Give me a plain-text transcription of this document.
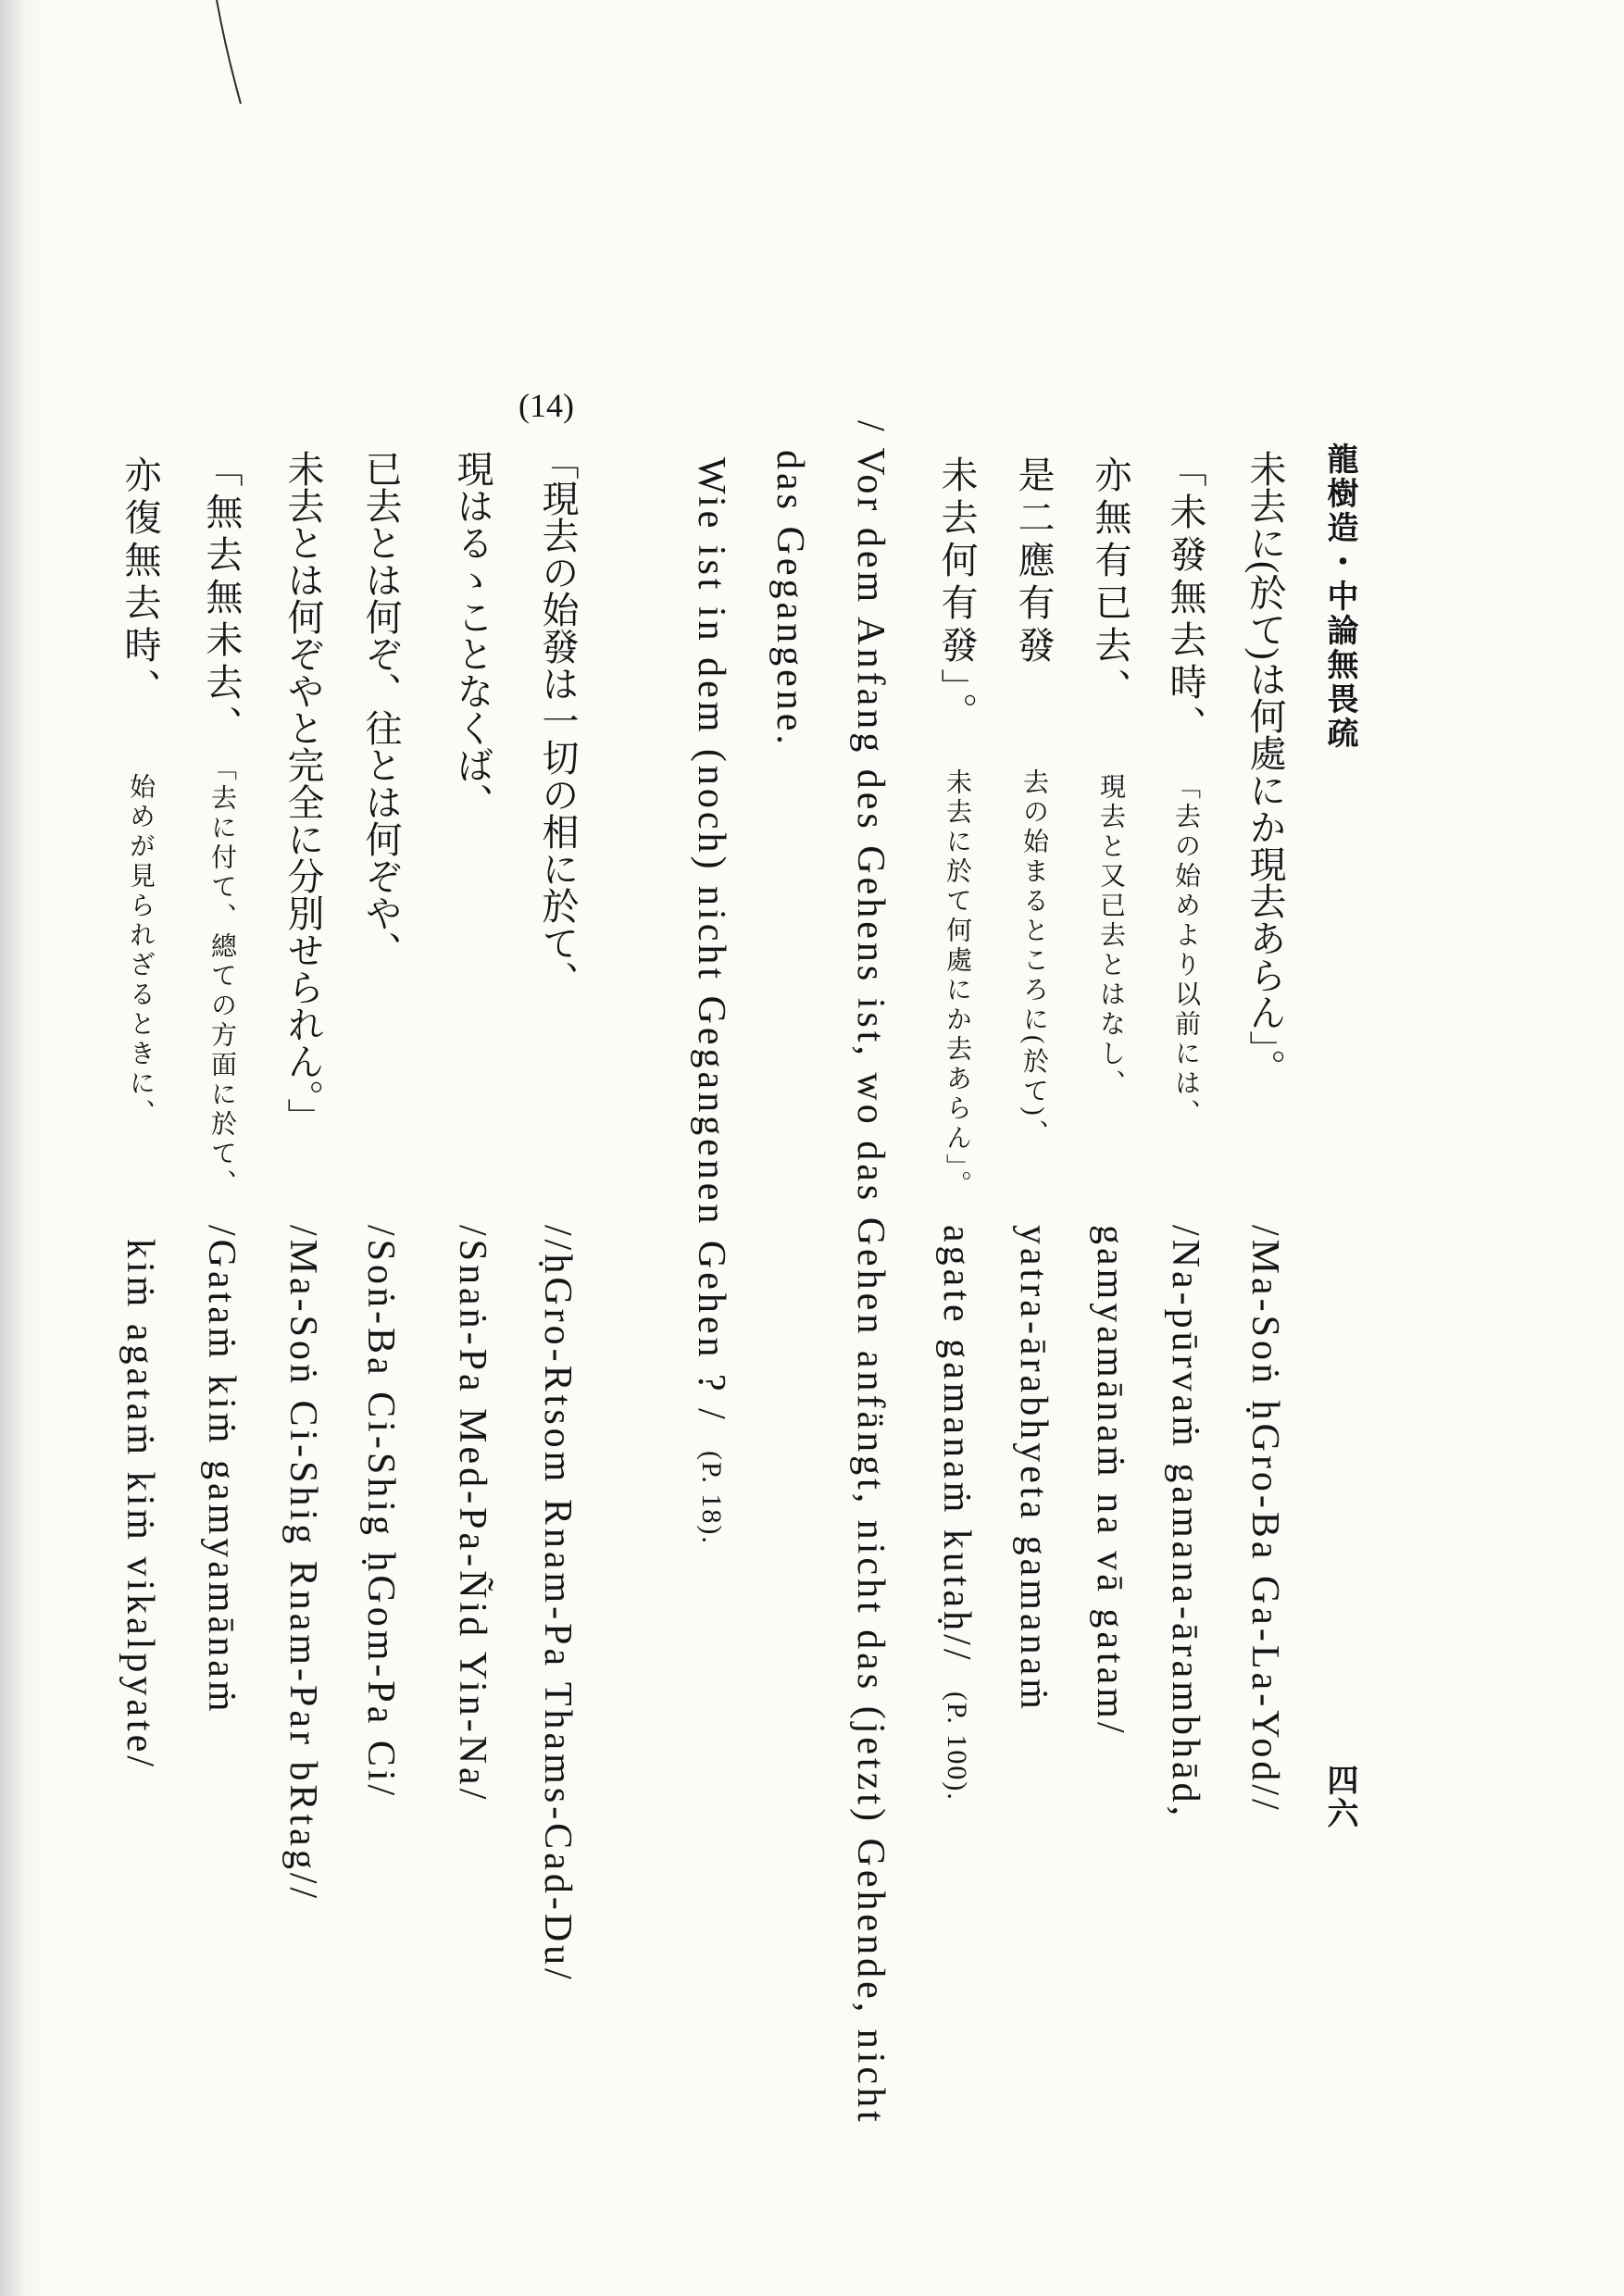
龍樹造・中論無畏疏
四六
未去に(於て)は何處にか現去あらん」。
/Ma-Soṅ ḥGro-Ba Ga-La-Yod//
「未發無去時、
「去の始めより以前には、
/Na-pūrvaṁ gamana-ārambhād,
亦無有已去、
現去と又已去とはなし、
gamyamānaṁ na vā gatam/
是二應有發
去の始まるところに(於て)、
yatra-ārabhyeta gamanaṁ
未去何有發」。
未去に於て何處にか去あらん」。
agate gamanaṁ kutaḥ//(P. 100).
/ Vor dem Anfang des Gehens ist, wo das Gehen anfängt, nicht das (jetzt) Gehende, nicht
das Gegangene.
Wie ist in dem (noch) nicht Gegangenen Gehen ? /(P. 18).
(14)
「現去の始發は一切の相に於て、
//ḥGro-Rtsom Rnam-Pa Thams-Cad-Du/
現はるゝことなくば、
/Snaṅ-Pa Med-Pa-Ñid Yin-Na/
已去とは何ぞ、往とは何ぞや、
/Soṅ-Ba Ci-Shig ḥGom-Pa Ci/
未去とは何ぞやと完全に分別せられん。」
/Ma-Soṅ Ci-Shig Rnam-Par bRtag//
「無去無未去、
「去に付て、總ての方面に於て、
/Gataṁ kiṁ gamyamānaṁ
亦復無去時、
始めが見られざるときに、
kiṁ agataṁ kiṁ vikalpyate/
